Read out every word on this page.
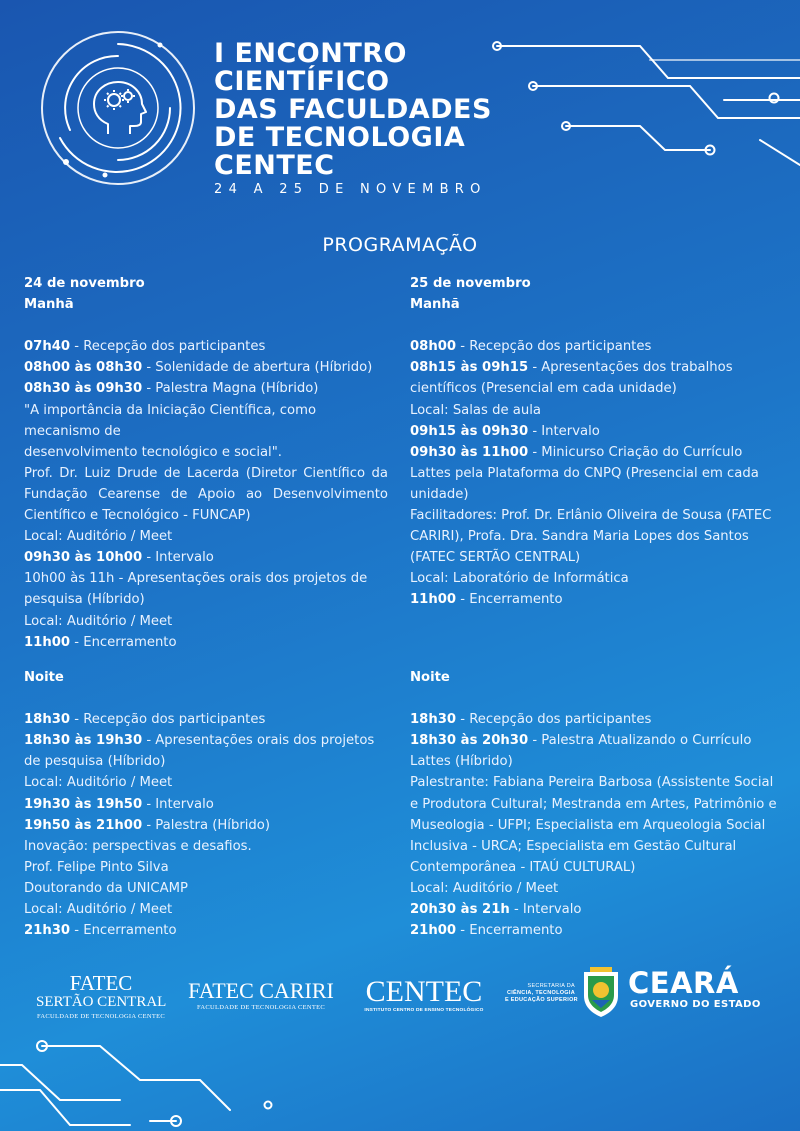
I ENCONTRO
CIENTÍFICO
DAS FACULDADES
DE TECNOLOGIA
CENTEC
24 A 25 DE NOVEMBRO
PROGRAMAÇÃO
24 de novembro
Manhã
07h40 - Recepção dos participantes
08h00 às 08h30 - Solenidade de abertura (Híbrido)
08h30 às 09h30 - Palestra Magna (Híbrido)
"A importância da Iniciação Científica, como mecanismo de
desenvolvimento tecnológico e social".
Prof. Dr. Luiz Drude de Lacerda (Diretor Científico da Fundação Cearense de Apoio ao Desenvolvimento Científico e Tecnológico - FUNCAP)
Local: Auditório / Meet
09h30 às 10h00 - Intervalo
10h00 às 11h - Apresentações orais dos projetos de pesquisa (Híbrido)
Local: Auditório / Meet
11h00 - Encerramento
Noite
18h30 - Recepção dos participantes
18h30 às 19h30 - Apresentações orais dos projetos de pesquisa (Híbrido)
Local: Auditório / Meet
19h30 às 19h50 - Intervalo
19h50 às 21h00 - Palestra (Híbrido)
Inovação: perspectivas e desafios.
Prof. Felipe Pinto Silva
Doutorando da UNICAMP
Local: Auditório / Meet
21h30 - Encerramento
25 de novembro
Manhã
08h00 - Recepção dos participantes
08h15 às 09h15 - Apresentações dos trabalhos científicos (Presencial em cada unidade)
Local: Salas de aula
09h15 às 09h30 - Intervalo
09h30 às 11h00 - Minicurso Criação do Currículo Lattes pela Plataforma do CNPQ (Presencial em cada unidade)
Facilitadores: Prof. Dr. Erlânio Oliveira de Sousa (FATEC CARIRI), Profa. Dra. Sandra Maria Lopes dos Santos (FATEC SERTÃO CENTRAL)
Local: Laboratório de Informática
11h00 - Encerramento
Noite
18h30 - Recepção dos participantes
18h30 às 20h30 - Palestra Atualizando o Currículo Lattes (Híbrido)
Palestrante: Fabiana Pereira Barbosa (Assistente Social e Produtora Cultural; Mestranda em Artes, Patrimônio e Museologia - UFPI; Especialista em Arqueologia Social Inclusiva - URCA; Especialista em Gestão Cultural Contemporânea - ITAÚ CULTURAL)
Local: Auditório / Meet
20h30 às 21h - Intervalo
21h00 - Encerramento
FATEC
SERTÃO CENTRAL
FACULDADE DE TECNOLOGIA CENTEC
FATEC CARIRI
FACULDADE DE TECNOLOGIA CENTEC	CENTEC
INSTITUTO CENTRO DE ENSINO TECNOLÓGICO
SECRETARIA DA
CIÊNCIA, TECNOLOGIA
E EDUCAÇÃO SUPERIOR CEARÁ
GOVERNO DO ESTADO
